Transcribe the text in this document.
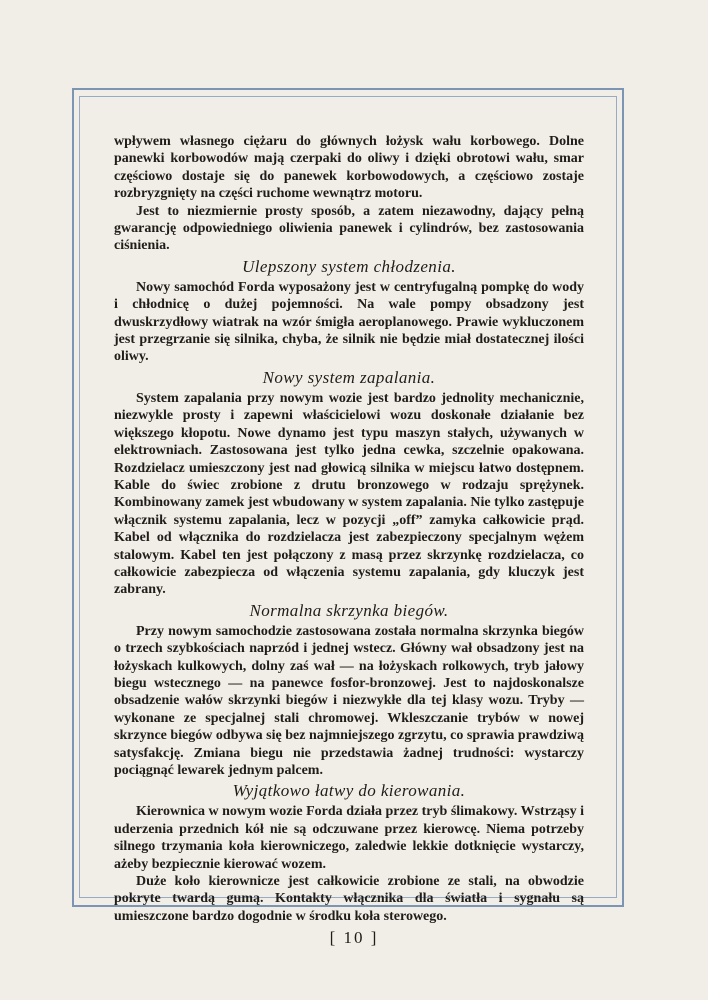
wpływem własnego ciężaru do głównych łożysk wału korbowego. Dolne panewki korbowodów mają czerpaki do oliwy i dzięki obrotowi wału, smar częściowo dostaje się do panewek korbowodowych, a częściowo zostaje rozbryzgnięty na części ruchome wewnątrz motoru.

Jest to niezmiernie prosty sposób, a zatem niezawodny, dający pełną gwarancję odpowiedniego oliwienia panewek i cylindrów, bez zastosowania ciśnienia.

Ulepszony system chłodzenia.

Nowy samochód Forda wyposażony jest w centryfugalną pompkę do wody i chłodnicę o dużej pojemności. Na wale pompy obsadzony jest dwuskrzydłowy wiatrak na wzór śmigła aeroplanowego. Prawie wykluczonem jest przegrzanie się silnika, chyba, że silnik nie będzie miał dostatecznej ilości oliwy.

Nowy system zapalania.

System zapalania przy nowym wozie jest bardzo jednolity mechanicznie, niezwykle prosty i zapewni właścicielowi wozu doskonałe działanie bez większego kłopotu. Nowe dynamo jest typu maszyn stałych, używanych w elektrowniach. Zastosowana jest tylko jedna cewka, szczelnie opakowana. Rozdzielacz umieszczony jest nad głowicą silnika w miejscu łatwo dostępnem. Kable do świec zrobione z drutu bronzowego w rodzaju sprężynek. Kombinowany zamek jest wbudowany w system zapalania. Nie tylko zastępuje włącznik systemu zapalania, lecz w pozycji „off” zamyka całkowicie prąd. Kabel od włącznika do rozdzielacza jest zabezpieczony specjalnym wężem stalowym. Kabel ten jest połączony z masą przez skrzynkę rozdzielacza, co całkowicie zabezpiecza od włączenia systemu zapalania, gdy kluczyk jest zabrany.

Normalna skrzynka biegów.

Przy nowym samochodzie zastosowana została normalna skrzynka biegów o trzech szybkościach naprzód i jednej wstecz. Główny wał obsadzony jest na łożyskach kulkowych, dolny zaś wał — na łożyskach rolkowych, tryb jałowy biegu wstecznego — na panewce fosfor-bronzowej. Jest to najdoskonalsze obsadzenie wałów skrzynki biegów i niezwykłe dla tej klasy wozu. Tryby — wykonane ze specjalnej stali chromowej. Wkleszczanie trybów w nowej skrzynce biegów odbywa się bez najmniejszego zgrzytu, co sprawia prawdziwą satysfakcję. Zmiana biegu nie przedstawia żadnej trudności: wystarczy pociągnąć lewarek jednym palcem.

Wyjątkowo łatwy do kierowania.

Kierownica w nowym wozie Forda działa przez tryb ślimakowy. Wstrząsy i uderzenia przednich kół nie są odczuwane przez kierowcę. Niema potrzeby silnego trzymania koła kierowniczego, zaledwie lekkie dotknięcie wystarczy, ażeby bezpiecznie kierować wozem.

Duże koło kierownicze jest całkowicie zrobione ze stali, na obwodzie pokryte twardą gumą. Kontakty włącznika dla światła i sygnału są umieszczone bardzo dogodnie w środku koła sterowego.

[ 10 ]
